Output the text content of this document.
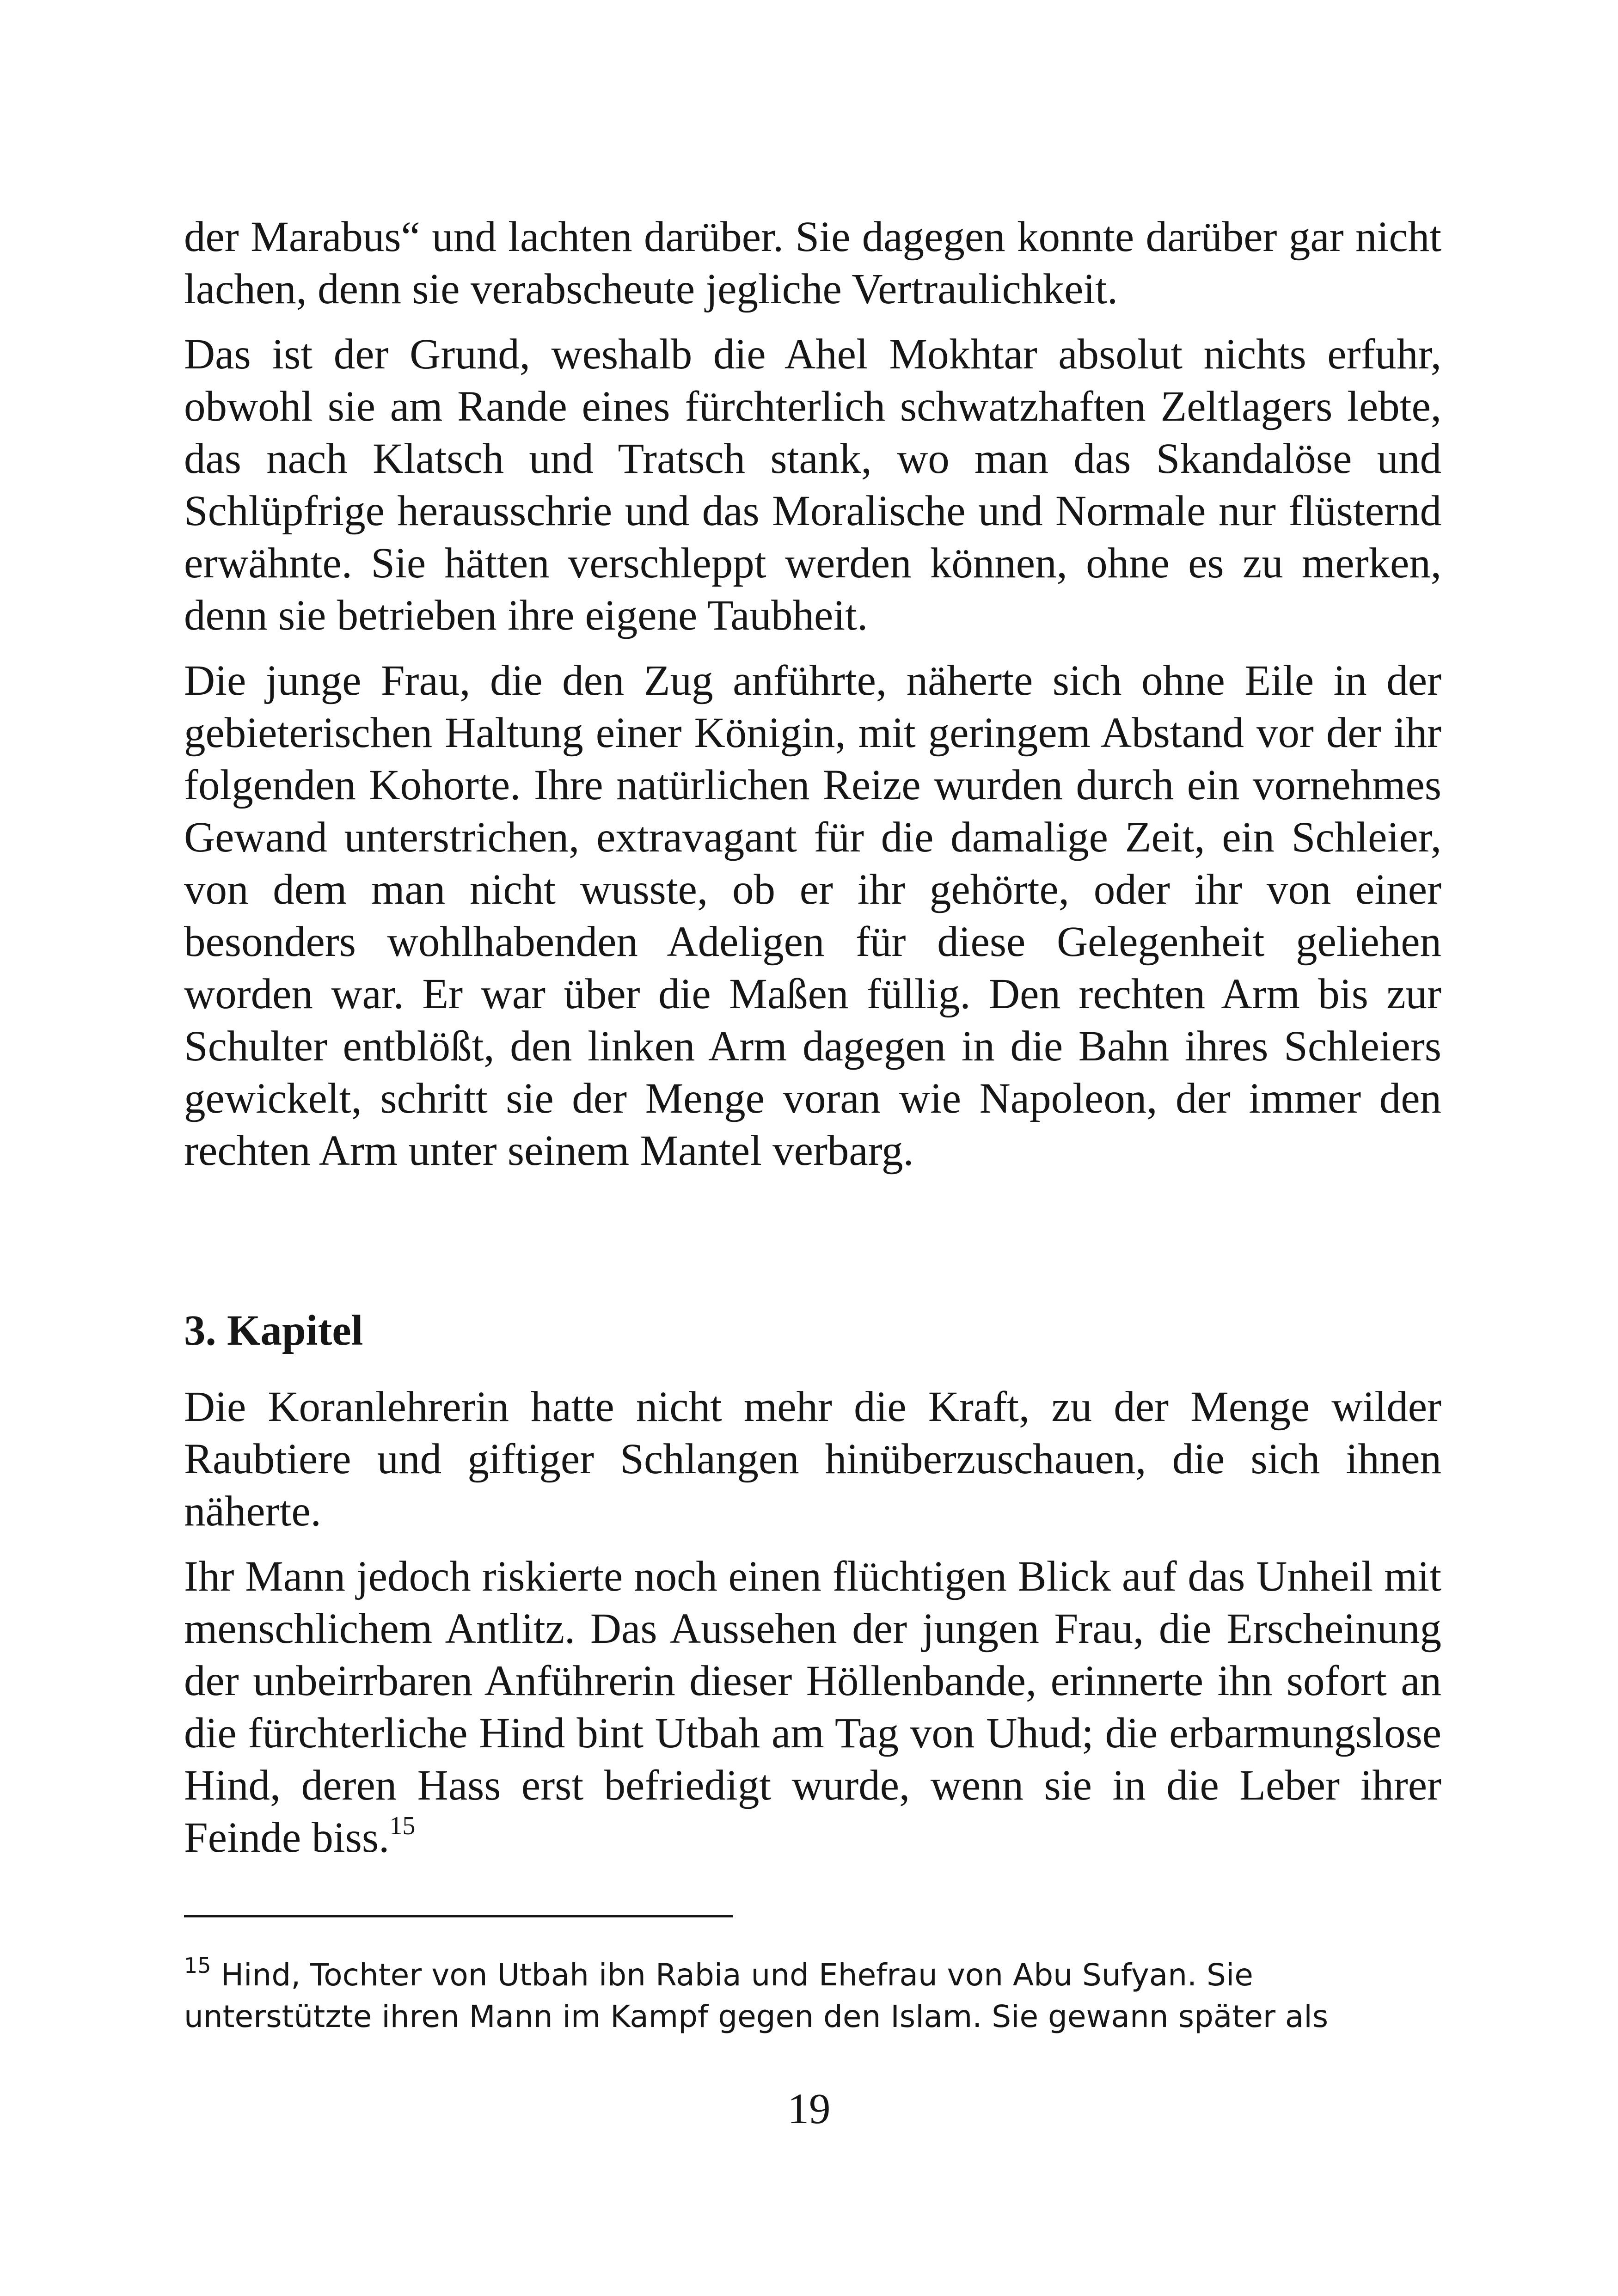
der Marabus“ und lachten darüber. Sie dagegen konnte darüber gar nicht lachen, denn sie verabscheute jegliche Vertraulichkeit.

Das ist der Grund, weshalb die Ahel Mokhtar absolut nichts erfuhr, obwohl sie am Rande eines fürchterlich schwatzhaften Zeltlagers lebte, das nach Klatsch und Tratsch stank, wo man das Skandalöse und Schlüpfrige herausschrie und das Moralische und Normale nur flüsternd erwähnte. Sie hätten verschleppt werden können, ohne es zu merken, denn sie betrieben ihre eigene Taubheit.

Die junge Frau, die den Zug anführte, näherte sich ohne Eile in der gebieterischen Haltung einer Königin, mit geringem Abstand vor der ihr folgenden Kohorte. Ihre natürlichen Reize wurden durch ein vornehmes Gewand unterstrichen, extravagant für die damalige Zeit, ein Schleier, von dem man nicht wusste, ob er ihr gehörte, oder ihr von einer besonders wohlhabenden Adeligen für diese Gelegenheit geliehen worden war. Er war über die Maßen füllig. Den rechten Arm bis zur Schulter entblößt, den linken Arm dagegen in die Bahn ihres Schleiers gewickelt, schritt sie der Menge voran wie Napoleon, der immer den rechten Arm unter seinem Mantel verbarg.

3. Kapitel

Die Koranlehrerin hatte nicht mehr die Kraft, zu der Menge wilder Raubtiere und giftiger Schlangen hinüberzuschauen, die sich ihnen näherte.

Ihr Mann jedoch riskierte noch einen flüchtigen Blick auf das Unheil mit menschlichem Antlitz. Das Aussehen der jungen Frau, die Erscheinung der unbeirrbaren Anführerin dieser Höllenbande, erinnerte ihn sofort an die fürchterliche Hind bint Utbah am Tag von Uhud; die erbarmungslose Hind, deren Hass erst befriedigt wurde, wenn sie in die Leber ihrer Feinde biss.$^{15}$

$^{15}$ Hind, Tochter von Utbah ibn Rabia und Ehefrau von Abu Sufyan. Sie unterstützte ihren Mann im Kampf gegen den Islam. Sie gewann später als
19
